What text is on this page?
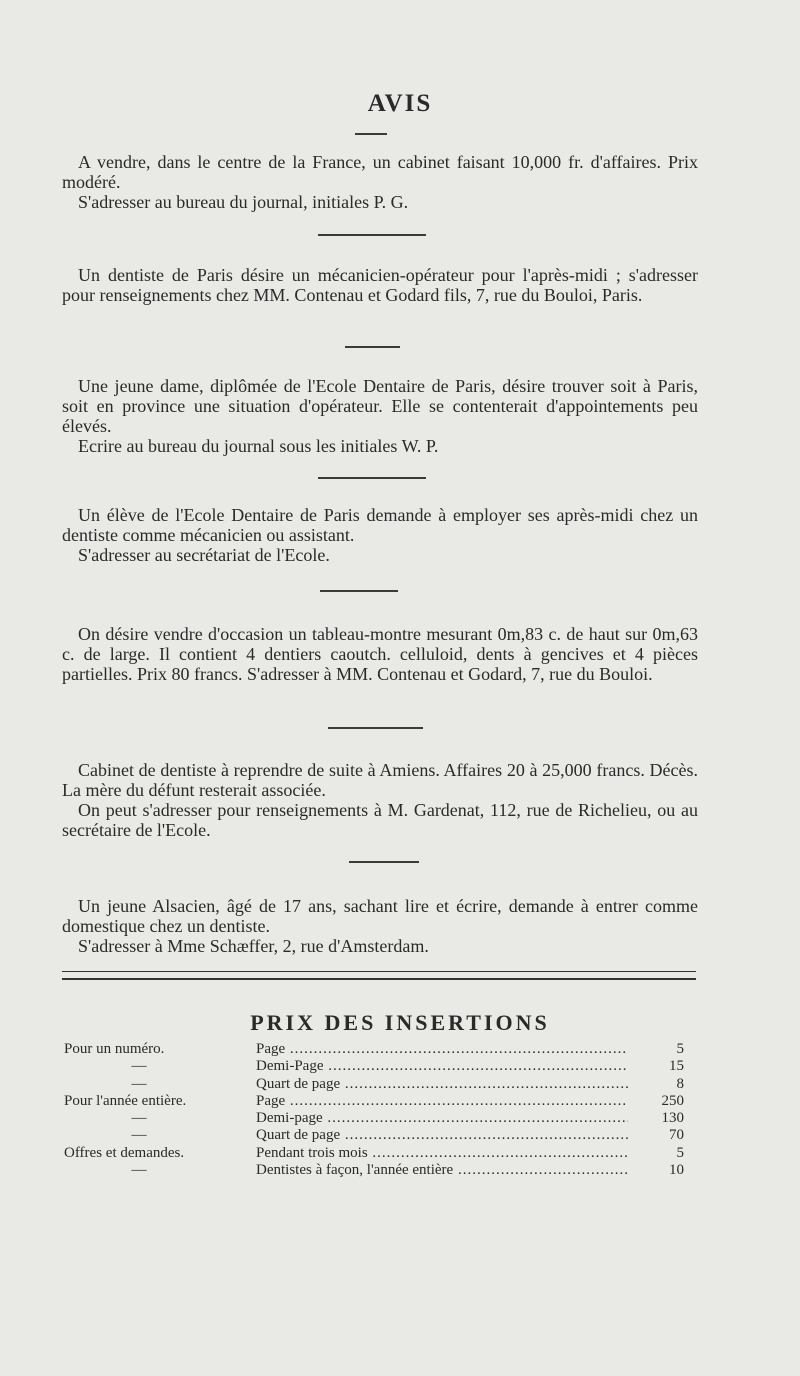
AVIS

A vendre, dans le centre de la France, un cabinet faisant 10,000 fr. d'affaires. Prix modéré.

S'adresser au bureau du journal, initiales P. G.

Un dentiste de Paris désire un mécanicien-opérateur pour l'après-midi ; s'adresser pour renseignements chez MM. Contenau et Godard fils, 7, rue du Bouloi, Paris.

Une jeune dame, diplômée de l'Ecole Dentaire de Paris, désire trouver soit à Paris, soit en province une situation d'opérateur. Elle se contenterait d'appointements peu élevés.

Ecrire au bureau du journal sous les initiales W. P.

Un élève de l'Ecole Dentaire de Paris demande à employer ses après-midi chez un dentiste comme mécanicien ou assistant.

S'adresser au secrétariat de l'Ecole.

On désire vendre d'occasion un tableau-montre mesurant 0m,83 c. de haut sur 0m,63 c. de large. Il contient 4 dentiers caoutch. celluloid, dents à gencives et 4 pièces partielles. Prix 80 francs. S'adresser à MM. Contenau et Godard, 7, rue du Bouloi.

Cabinet de dentiste à reprendre de suite à Amiens. Affaires 20 à 25,000 francs. Décès. La mère du défunt resterait associée.

On peut s'adresser pour renseignements à M. Gardenat, 112, rue de Richelieu, ou au secrétaire de l'Ecole.

Un jeune Alsacien, âgé de 17 ans, sachant lire et écrire, demande à entrer comme domestique chez un dentiste.

S'adresser à Mme Schæffer, 2, rue d'Amsterdam.

PRIX DES INSERTIONS
Pour un numéro.	Page .....	5
—	Demi-Page .....	15
—	Quart de page .....	8
Pour l'année entière.	Page .....	250
—	Demi-page .....	130
—	Quart de page .....	70
Offres et demandes.	Pendant trois mois .....	5
—	Dentistes à façon, l'année entière .....	10
